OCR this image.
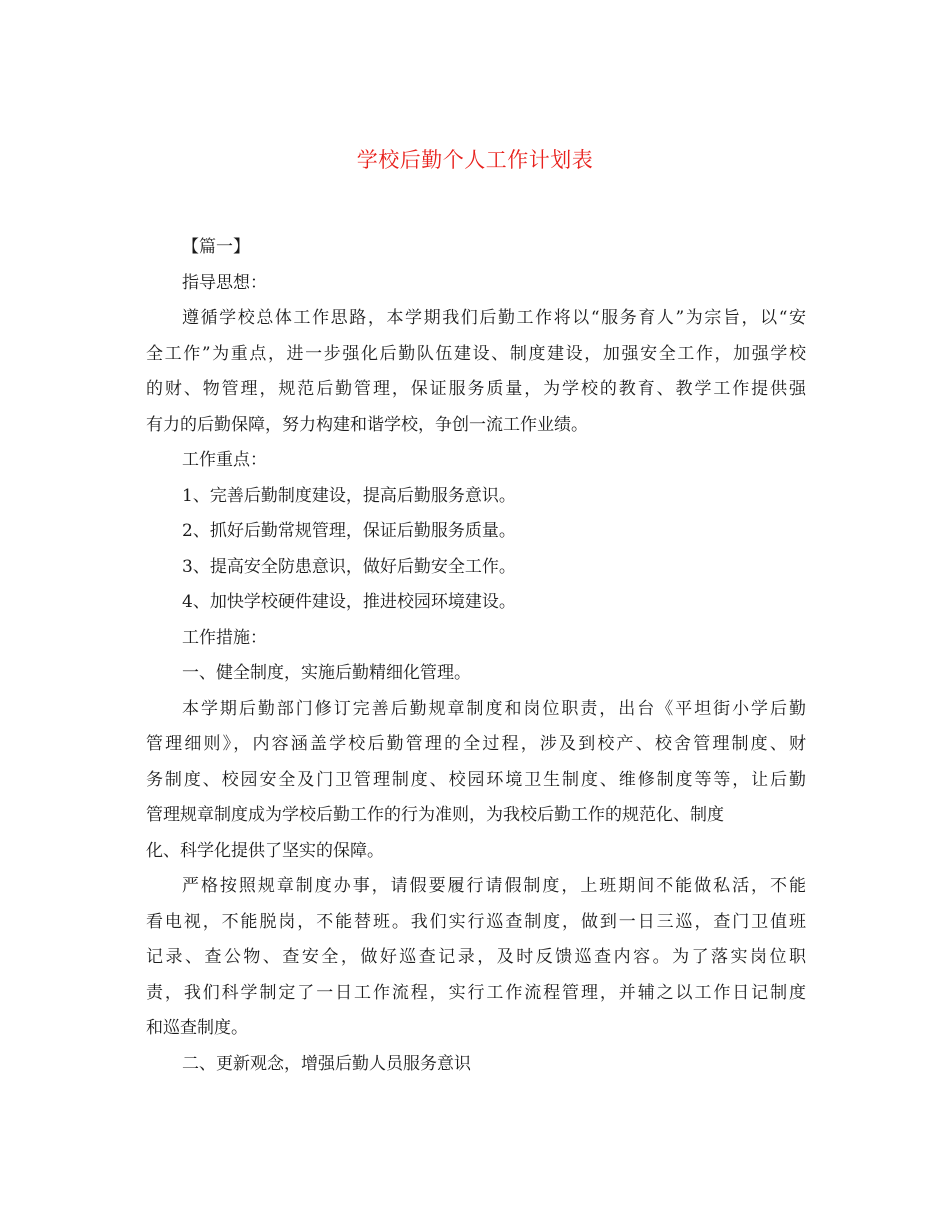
学校后勤个人工作计划表
【篇一】
指导思想：
遵循学校总体工作思路，本学期我们后勤工作将以“服务育人”为宗旨，以“安
全工作”为重点，进一步强化后勤队伍建设、制度建设，加强安全工作，加强学校
的财、物管理，规范后勤管理，保证服务质量，为学校的教育、教学工作提供强
有力的后勤保障，努力构建和谐学校，争创一流工作业绩。
工作重点：
1、完善后勤制度建设，提高后勤服务意识。
2、抓好后勤常规管理，保证后勤服务质量。
3、提高安全防患意识，做好后勤安全工作。
4、加快学校硬件建设，推进校园环境建设。
工作措施：
一、健全制度，实施后勤精细化管理。
本学期后勤部门修订完善后勤规章制度和岗位职责，出台《平坦街小学后勤
管理细则》，内容涵盖学校后勤管理的全过程，涉及到校产、校舍管理制度、财
务制度、校园安全及门卫管理制度、校园环境卫生制度、维修制度等等，让后勤
管理规章制度成为学校后勤工作的行为准则，为我校后勤工作的规范化、制度
化、科学化提供了坚实的保障。
严格按照规章制度办事，请假要履行请假制度，上班期间不能做私活，不能
看电视，不能脱岗，不能替班。我们实行巡查制度，做到一日三巡，查门卫值班
记录、查公物、查安全，做好巡查记录，及时反馈巡查内容。为了落实岗位职
责，我们科学制定了一日工作流程，实行工作流程管理，并辅之以工作日记制度
和巡查制度。
二、更新观念，增强后勤人员服务意识
